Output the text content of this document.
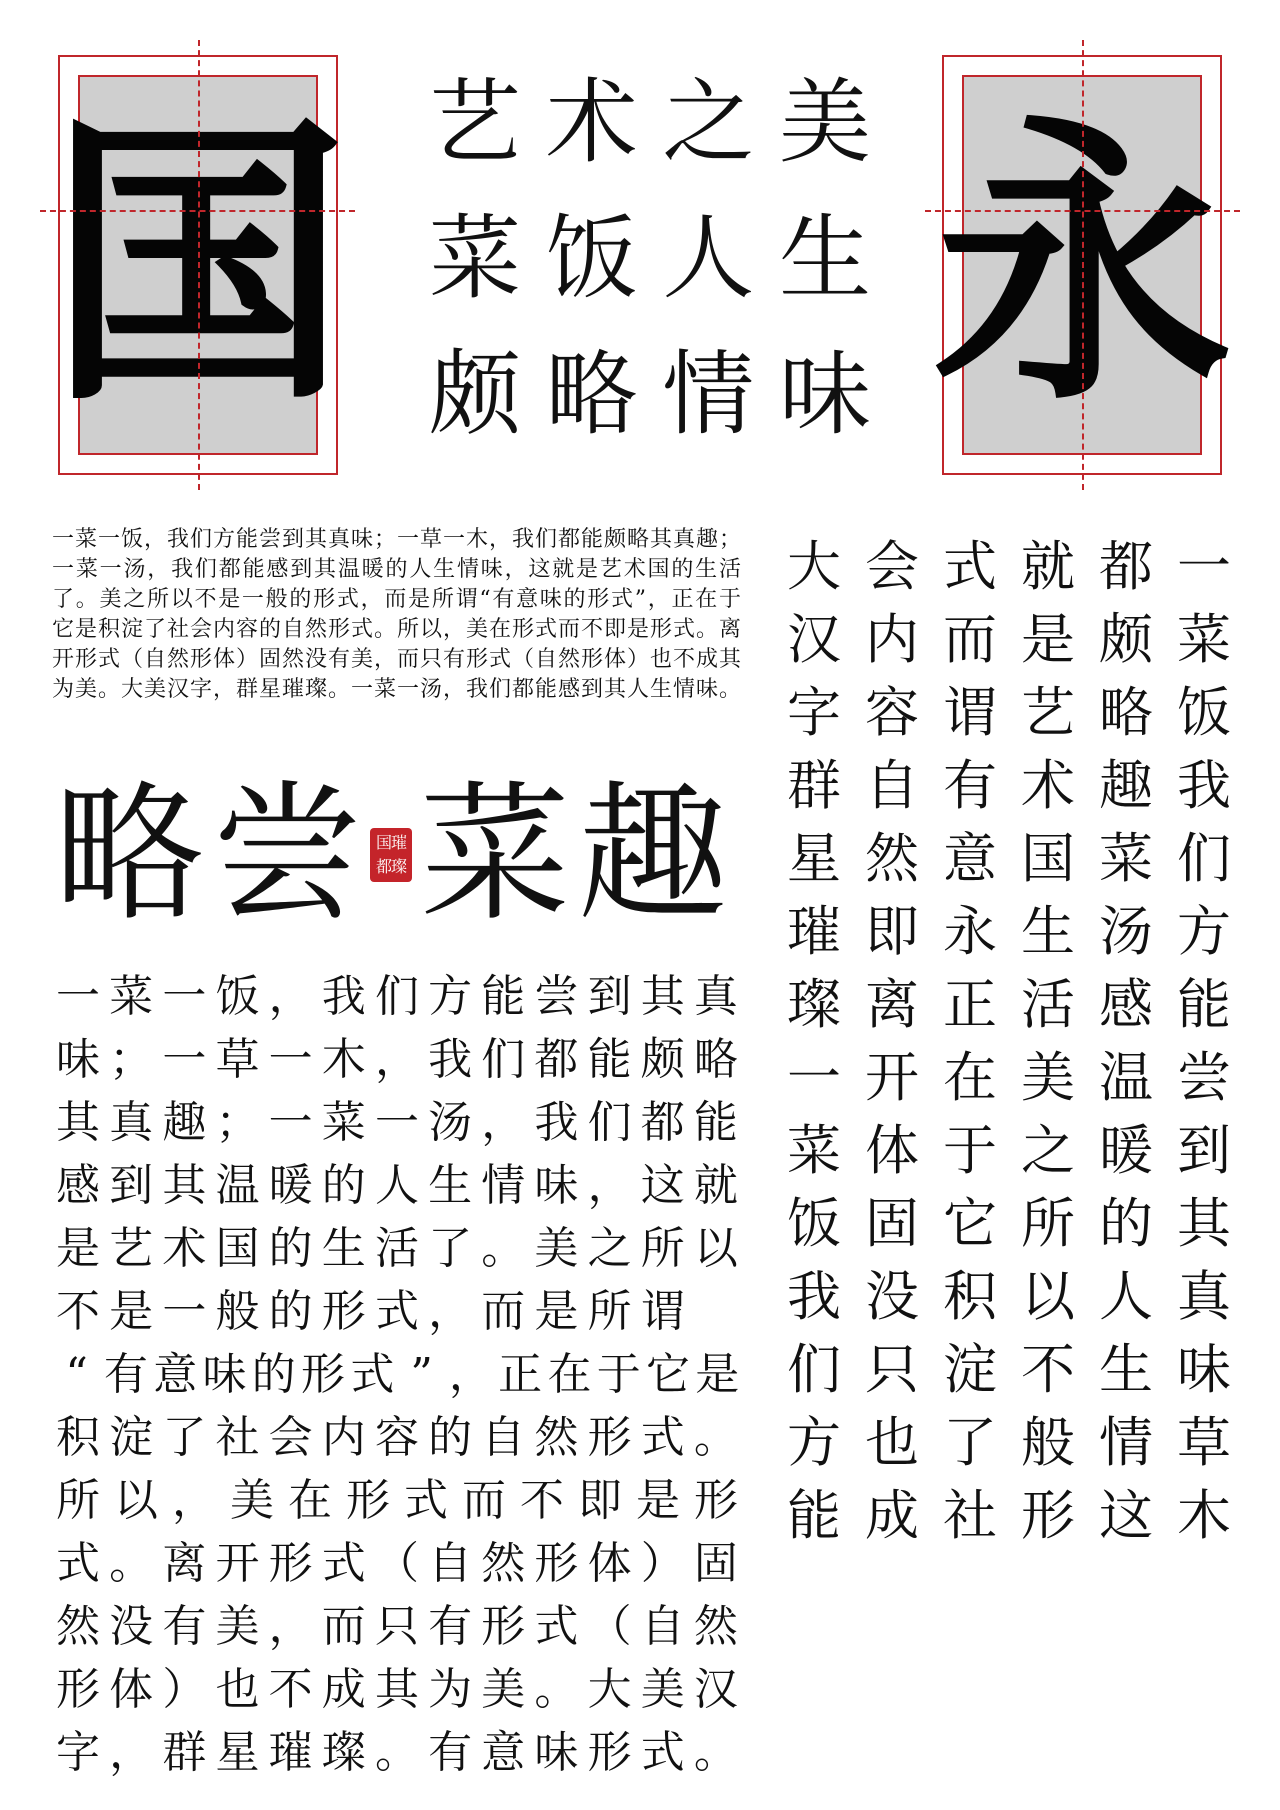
国 永
艺 术 之 美
菜 饭 人 生
颇 略 情 味
一菜一饭，我们方能尝到其真味；一草一木，我们都能颇略其真趣；一菜一汤，我们都能感到其温暖的人生情味，这就是艺术国的生活了。美之所以不是一般的形式，而是所谓“有意味的形式”，正在于它是积淀了社会内容的自然形式。所以，美在形式而不即是形式。离开形式（自然形体）固然没有美，而只有形式（自然形体）也不成其为美。大美汉字，群星璀璨。一菜一汤，我们都能感到其人生情味。
略 尝 国 璀
都 璨 菜 趣
一 菜 一 饭 ， 我 们 方 能 尝 到 其 真
味 ； 一 草 一 木 ， 我 们 都 能 颇 略
其 真 趣 ； 一 菜 一 汤 ， 我 们 都 能
感 到 其 温 暖 的 人 生 情 味 ， 这 就
是 艺 术 国 的 生 活 了 。 美 之 所 以
不 是 一 般 的 形 式 ， 而 是 所 谓
“ 有 意 味 的 形 式 ” ， 正 在 于 它 是
积 淀 了 社 会 内 容 的 自 然 形 式 。
所 以 ， 美 在 形 式 而 不 即 是 形
式 。 离 开 形 式 （ 自 然 形 体 ） 固
然 没 有 美 ， 而 只 有 形 式 （ 自 然
形 体 ） 也 不 成 其 为 美 。 大 美 汉
字 ， 群 星 璀 璨 。 有 意 味 形 式 。
一
菜
饭
我
们
方
能
尝
到
其
真
味
草
木
都
颇
略
趣
菜
汤
感
温
暖
的
人
生
情
这
就
是
艺
术
国
生
活
美
之
所
以
不
般
形
式
而
谓
有
意
永
正
在
于
它
积
淀
了
社
会
内
容
自
然
即
离
开
体
固
没
只
也
成
大
汉
字
群
星
璀
璨
一
菜
饭
我
们
方
能
